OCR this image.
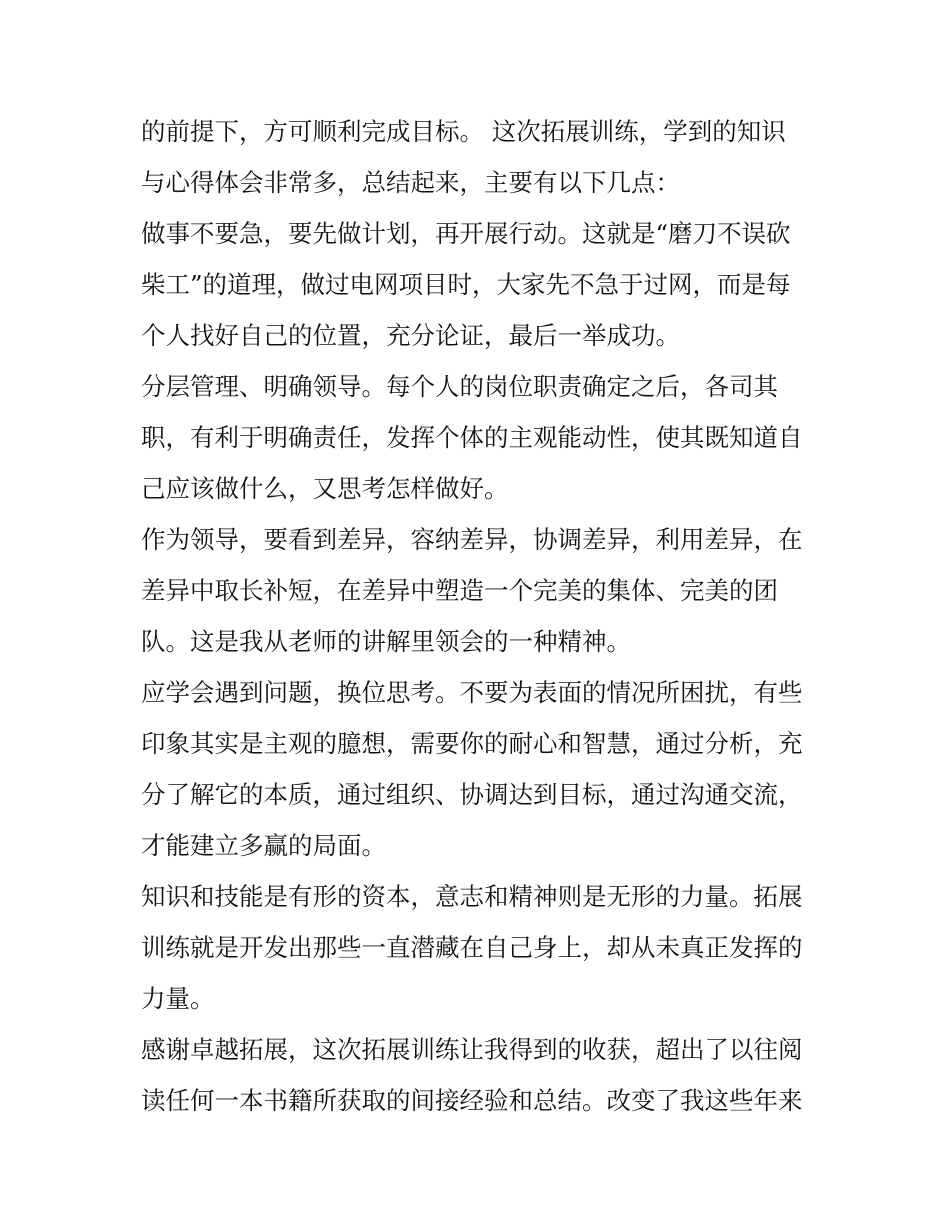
的前提下，方可顺利完成目标。 这次拓展训练，学到的知识
与心得体会非常多，总结起来，主要有以下几点：
做事不要急，要先做计划，再开展行动。这就是“磨刀不误砍
柴工”的道理，做过电网项目时，大家先不急于过网，而是每
个人找好自己的位置，充分论证，最后一举成功。
分层管理、明确领导。每个人的岗位职责确定之后，各司其
职，有利于明确责任，发挥个体的主观能动性，使其既知道自
己应该做什么，又思考怎样做好。
作为领导，要看到差异，容纳差异，协调差异，利用差异，在
差异中取长补短，在差异中塑造一个完美的集体、完美的团
队。这是我从老师的讲解里领会的一种精神。
应学会遇到问题，换位思考。不要为表面的情况所困扰，有些
印象其实是主观的臆想，需要你的耐心和智慧，通过分析，充
分了解它的本质，通过组织、协调达到目标，通过沟通交流，
才能建立多赢的局面。
知识和技能是有形的资本，意志和精神则是无形的力量。拓展
训练就是开发出那些一直潜藏在自己身上，却从未真正发挥的
力量。
感谢卓越拓展，这次拓展训练让我得到的收获，超出了以往阅
读任何一本书籍所获取的间接经验和总结。改变了我这些年来
